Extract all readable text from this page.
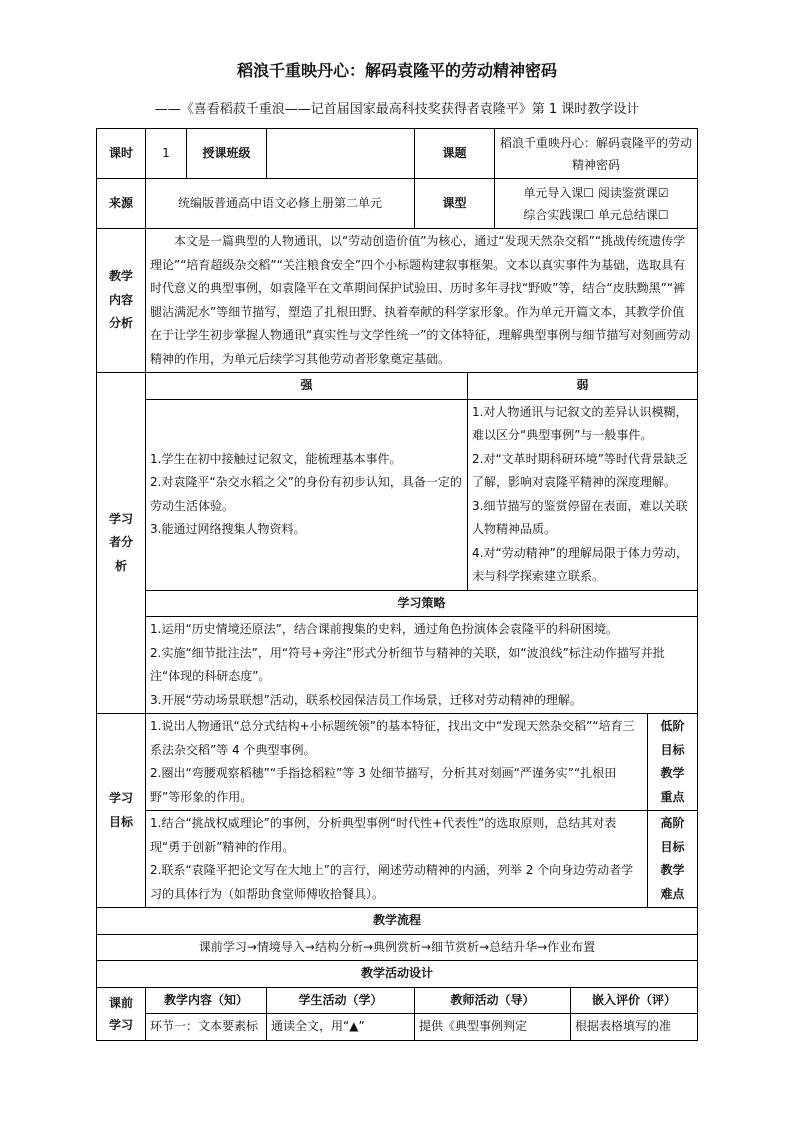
稻浪千重映丹心：解码袁隆平的劳动精神密码
——《喜看稻菽千重浪——记首届国家最高科技奖获得者袁隆平》第 1 课时教学设计
课时	1	授课班级		课题		稻浪千重映丹心：解码袁隆平的劳动精神密码		
来源	统编版普通高中语文必修上册第二单元			课型		单元导入课☐ 阅读鉴赏课☑
综合实践课☐ 单元总结课☐		

教学内容分析	本文是一篇典型的人物通讯，以“劳动创造价值”为核心，通过“发现天然杂交稻”“挑战传统遗传学理论”“培育超级杂交稻”“关注粮食安全”四个小标题构建叙事框架。文本以真实事件为基础，选取具有时代意义的典型事例，如袁隆平在文革期间保护试验田、历时多年寻找“野败”等，结合“皮肤黝黑”“裤腿沾满泥水”等细节描写，塑造了扎根田野、执着奉献的科学家形象。作为单元开篇文本，其教学价值在于让学生初步掌握人物通讯“真实性与文学性统一”的文体特征，理解典型事例与细节描写对刻画劳动精神的作用，为单元后续学习其他劳动者形象奠定基础。							
学习者分析	强				弱			
	1.学生在初中接触过记叙文，能梳理基本事件。
2.对袁隆平“杂交水稻之父”的身份有初步认知，具备一定的劳动生活体验。
3.能通过网络搜集人物资料。				1.对人物通讯与记叙文的差异认识模糊，难以区分“典型事例”与一般事件。
2.对“文革时期科研环境”等时代背景缺乏了解，影响对袁隆平精神的深度理解。
3.细节描写的鉴赏停留在表面，难以关联人物精神品质。
4.对“劳动精神”的理解局限于体力劳动，未与科学探索建立联系。			
	学习策略							
	1.运用“历史情境还原法”，结合课前搜集的史料，通过角色扮演体会袁隆平的科研困境。
2.实施“细节批注法”，用“符号+旁注”形式分析细节与精神的关联，如“波浪线”标注动作描写并批注“体现的科研态度”。
3.开展“劳动场景联想”活动，联系校园保洁员工作场景，迁移对劳动精神的理解。							
学习目标	1.说出人物通讯“总分式结构+小标题统领”的基本特征，找出文中“发现天然杂交稻”“培育三系法杂交稻”等 4 个典型事例。
2.圈出“弯腰观察稻穗”“手指捻稻粒”等 3 处细节描写，分析其对刻画“严谨务实”“扎根田野”等形象的作用。							低阶
目标
教学
重点
	1.结合“挑战权威理论”的事例，分析典型事例“时代性+代表性”的选取原则，总结其对表现“勇于创新”精神的作用。
2.联系“袁隆平把论文写在大地上”的言行，阐述劳动精神的内涵，列举 2 个向身边劳动者学习的具体行为（如帮助食堂师傅收拾餐具）。							高阶
目标
教学
难点
教学流程								
课前学习→情境导入→结构分析→典例赏析→细节赏析→总结升华→作业布置								
教学活动设计								
课前学习	教学内容（知）		学生活动（学）	教师活动（导）			嵌入评价（评）	
	环节一：文本要素标		通读全文，用“▲”	提供《典型事例判定			根据表格填写的准	
